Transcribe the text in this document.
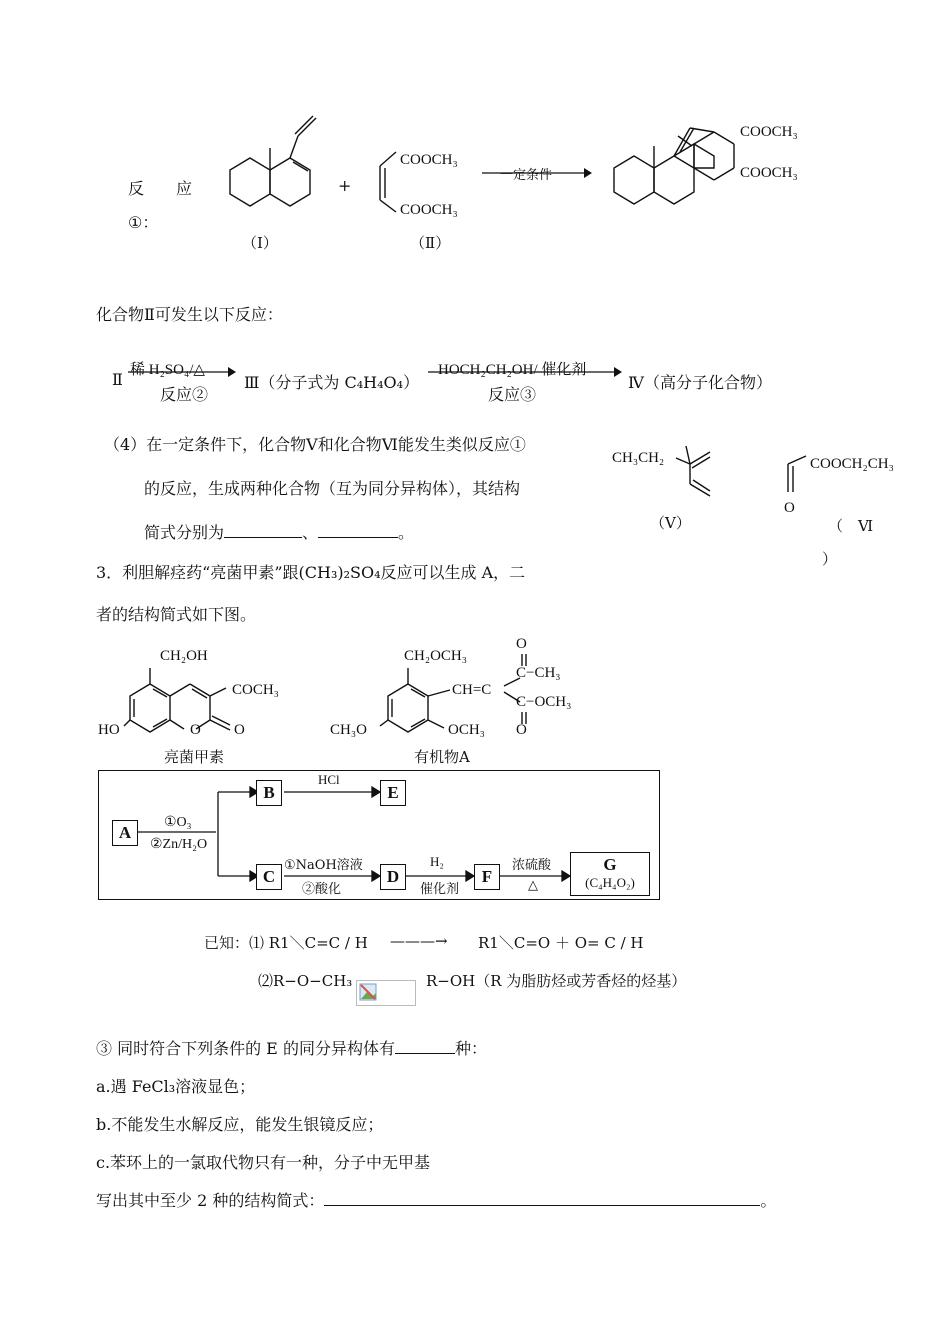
反　　应
①：
（Ⅰ）
+
COOCH₃
COOCH₃
（Ⅱ）
一定条件
COOCH₃
COOCH₃
化合物Ⅱ可发生以下反应：
Ⅱ 稀 H₂SO₄/△
反应②
Ⅲ（分子式为 C₄H₄O₄）
HOCH₂CH₂OH/ 催化剂
反应③
Ⅳ（高分子化合物）
（4）在一定条件下，化合物Ⅴ和化合物Ⅵ能发生类似反应①
的反应，生成两种化合物（互为同分异构体），其结构
简式分别为	、	。
CH₃CH₂
（Ⅴ）
COOCH₂CH₃
O
（　Ⅵ
）
3．利胆解痉药“亮菌甲素”跟(CH₃)₂SO₄反应可以生成 A，二
者的结构简式如下图。
CH₂OH
COCH₃
HO	O O
亮菌甲素
CH₂OCH₃
O
C−CH₃
CH=C
C−OCH₃
O
CH₃O	OCH₃
有机物A
A
B	E
C	D	F
G
(C₄H₄O₂)
①O₃
②Zn/H₂O
HCl
①NaOH溶液
②酸化
H₂
催化剂
浓硫酸
△
已知：⑴ R1＼C=C / H ———→ R1＼C=O ＋ O= C / H
⑵R−O−CH₃	R−OH（R 为脂肪烃或芳香烃的烃基）
③ 同时符合下列条件的 E 的同分异构体有	种：
a.遇 FeCl₃溶液显色；
b.不能发生水解反应，能发生银镜反应；
c.苯环上的一氯取代物只有一种，分子中无甲基
写出其中至少 2 种的结构简式：	。
